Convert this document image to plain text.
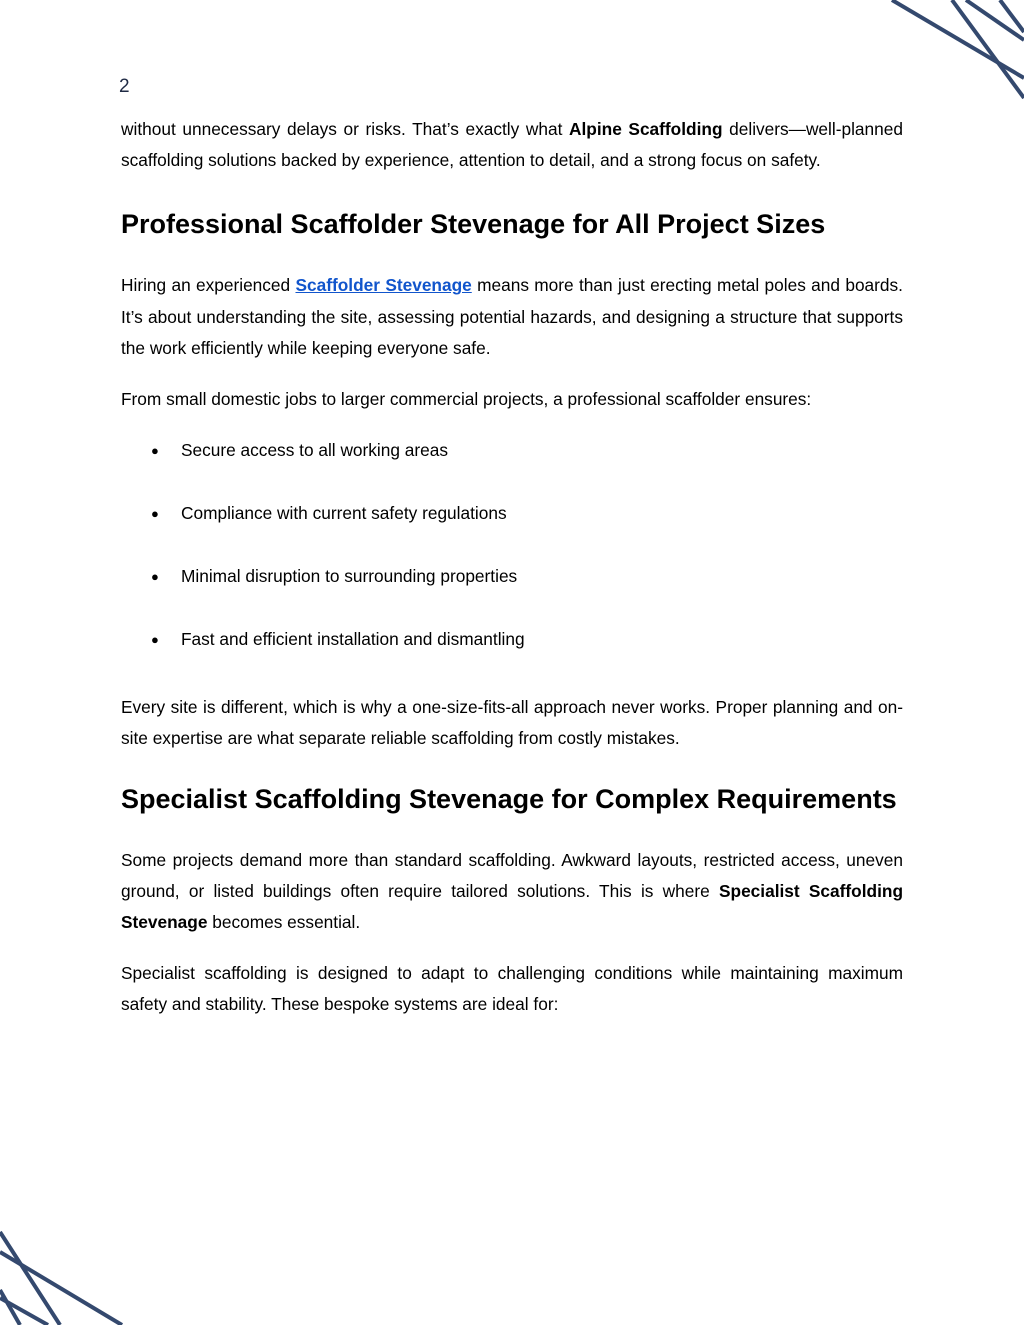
2

without unnecessary delays or risks. That’s exactly what Alpine Scaffolding delivers—well-planned scaffolding solutions backed by experience, attention to detail, and a strong focus on safety.

Professional Scaffolder Stevenage for All Project Sizes

Hiring an experienced Scaffolder Stevenage means more than just erecting metal poles and boards. It’s about understanding the site, assessing potential hazards, and designing a structure that supports the work efficiently while keeping everyone safe.

From small domestic jobs to larger commercial projects, a professional scaffolder ensures:

● Secure access to all working areas
● Compliance with current safety regulations
● Minimal disruption to surrounding properties
● Fast and efficient installation and dismantling

Every site is different, which is why a one-size-fits-all approach never works. Proper planning and on-site expertise are what separate reliable scaffolding from costly mistakes.

Specialist Scaffolding Stevenage for Complex Requirements

Some projects demand more than standard scaffolding. Awkward layouts, restricted access, uneven ground, or listed buildings often require tailored solutions. This is where Specialist Scaffolding Stevenage becomes essential.

Specialist scaffolding is designed to adapt to challenging conditions while maintaining maximum safety and stability. These bespoke systems are ideal for:
